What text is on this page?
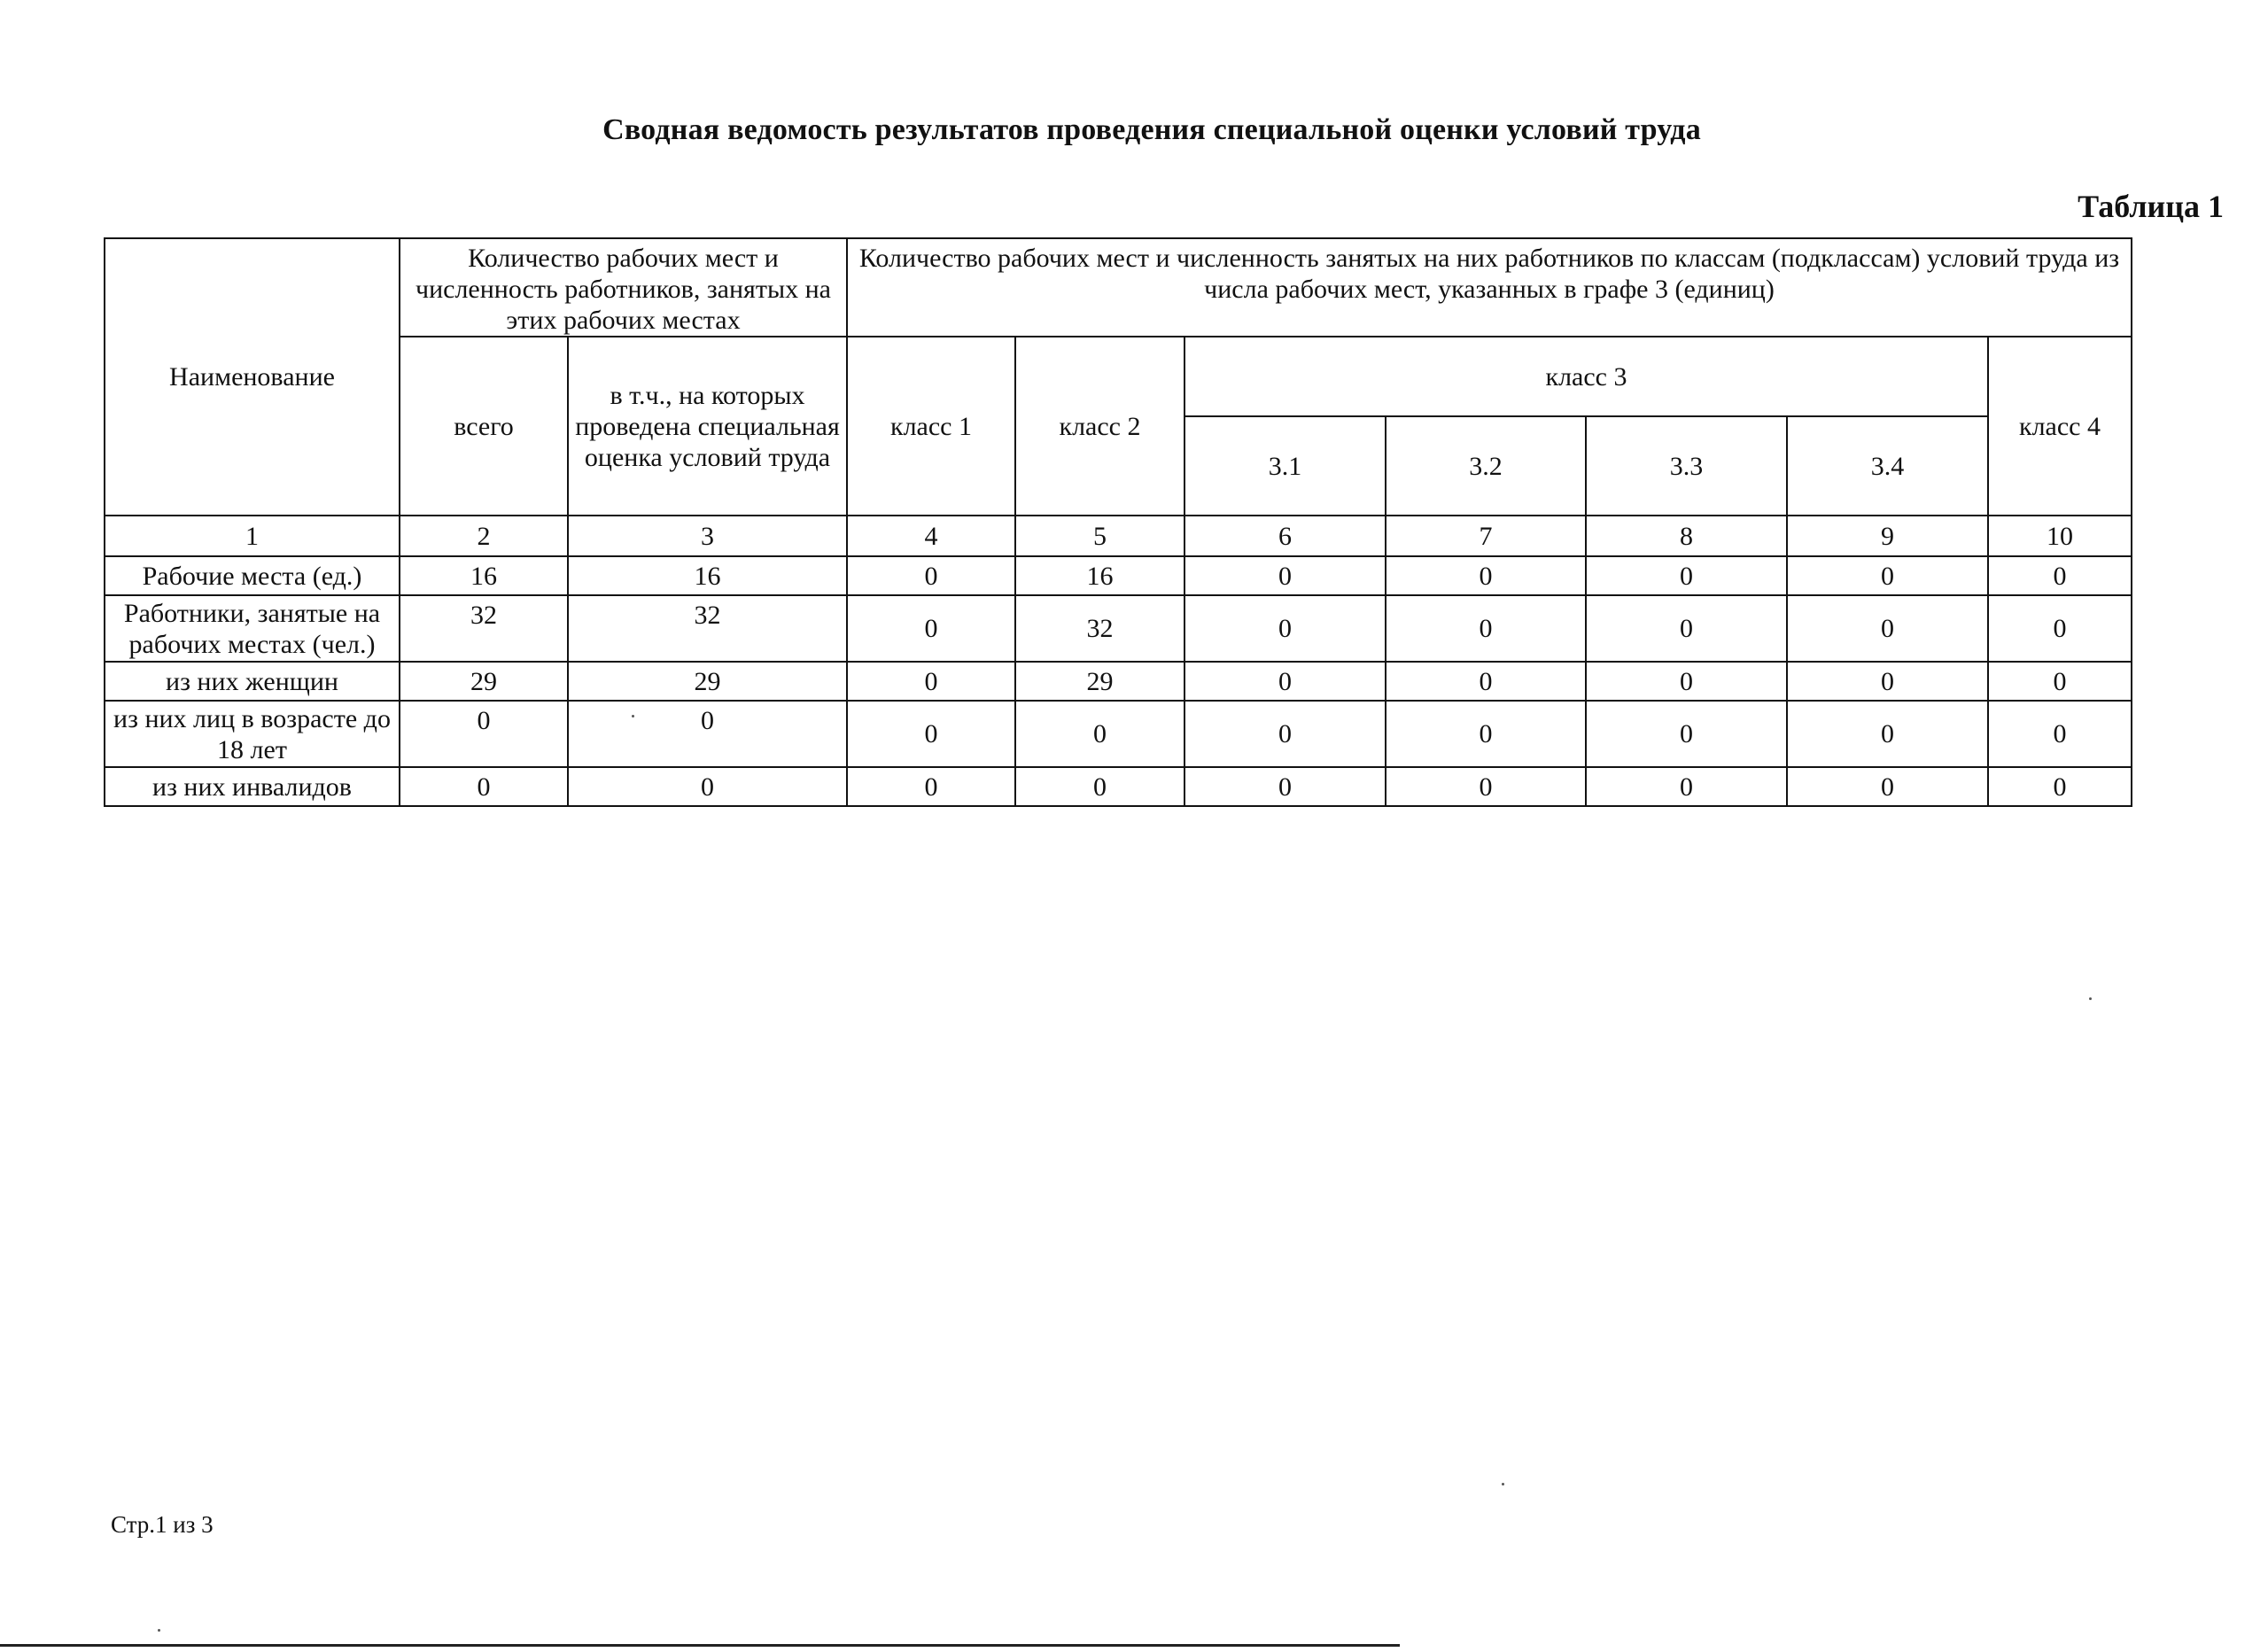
Сводная ведомость результатов проведения специальной оценки условий труда
Таблица 1
Наименование	Количество рабочих мест и численность работников, занятых на этих рабочих местах		Количество рабочих мест и численность занятых на них работников по классам (подклассам) условий труда из числа рабочих мест, указанных в графе 3 (единиц)						
	всего	в т.ч., на которых проведена специальная оценка условий труда	класс 1	класс 2	класс 3				класс 4
					3.1	3.2	3.3	3.4	
1	2	3	4	5	6	7	8	9	10
Рабочие места (ед.)	16	16	0	16	0	0	0	0	0
Работники, занятые на рабочих местах (чел.)	32	32	0	32	0	0	0	0	0
из них женщин	29	29	0	29	0	0	0	0	0
из них лиц в возрасте до 18 лет	0	0	0	0	0	0	0	0	0
из них инвалидов	0	0	0	0	0	0	0	0	0
Стр.1 из 3
